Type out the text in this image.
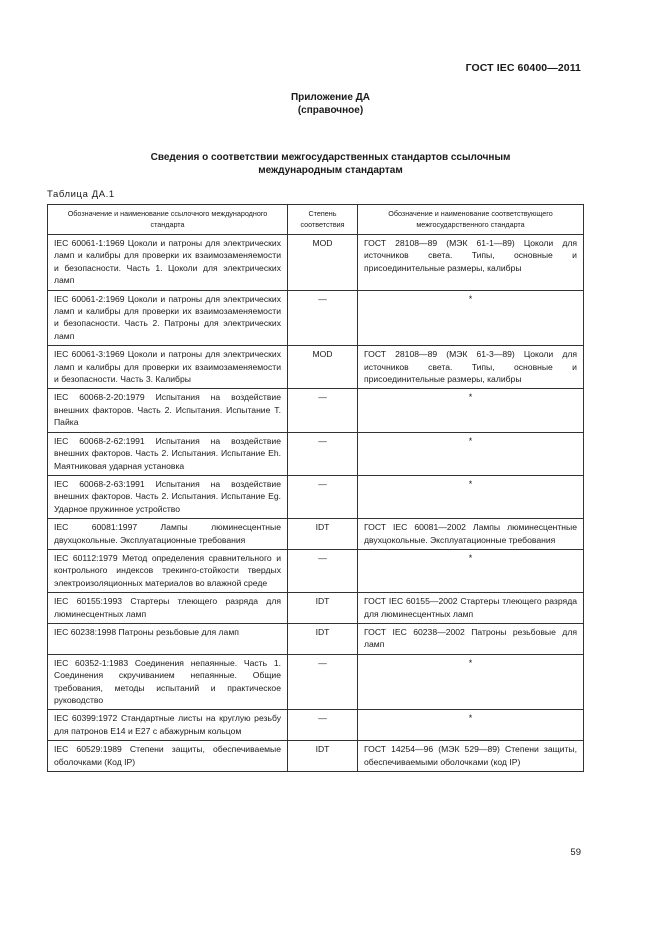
ГОСТ IEC 60400—2011
Приложение ДА
(справочное)
Сведения о соответствии межгосударственных стандартов ссылочным
международным стандартам
Таблица ДА.1
Обозначение и наименование ссылочного международного стандарта	Степень соответствия	Обозначение и наименование соответствующего межгосударственного стандарта
IEC 60061-1:1969 Цоколи и патроны для электрических ламп и калибры для проверки их взаимозаменяемости и безопасности. Часть 1. Цоколи для электрических ламп	MOD	ГОСТ 28108—89 (МЭК 61-1—89) Цоколи для источников света. Типы, основные и присоединительные размеры, калибры
IEC 60061-2:1969 Цоколи и патроны для электрических ламп и калибры для проверки их взаимозаменяемости и безопасности. Часть 2. Патроны для электрических ламп	—	*
IEC 60061-3:1969 Цоколи и патроны для электрических ламп и калибры для проверки их взаимозаменяемости и безопасности. Часть 3. Калибры	MOD	ГОСТ 28108—89 (МЭК 61-3—89) Цоколи для источников света. Типы, основные и присоединительные размеры, калибры
IEC 60068-2-20:1979 Испытания на воздействие внешних факторов. Часть 2. Испытания. Испытание T. Пайка	—	*
IEC 60068-2-62:1991 Испытания на воздействие внешних факторов. Часть 2. Испытания. Испытание Eh. Маятниковая ударная установка	—	*
IEC 60068-2-63:1991 Испытания на воздействие внешних факторов. Часть 2. Испытания. Испытание Eg. Ударное пружинное устройство	—	*
IEC 60081:1997 Лампы люминесцентные двухцокольные. Эксплуатационные требования	IDT	ГОСТ IEC 60081—2002 Лампы люминесцентные двухцокольные. Эксплуатационные требования
IEC 60112:1979 Метод определения сравнительного и контрольного индексов трекинго-стойкости твердых электроизоляционных материалов во влажной среде	—	*
IEC 60155:1993 Стартеры тлеющего разряда для люминесцентных ламп	IDT	ГОСТ IEC 60155—2002 Стартеры тлеющего разряда для люминесцентных ламп
IEC 60238:1998 Патроны резьбовые для ламп	IDT	ГОСТ IEC 60238—2002 Патроны резьбовые для ламп
IEC 60352-1:1983 Соединения непаянные. Часть 1. Соединения скручиванием непаянные. Общие требования, методы испытаний и практическое руководство	—	*
IEC 60399:1972 Стандартные листы на круглую резьбу для патронов E14 и E27 с абажурным кольцом	—	*
IEC 60529:1989 Степени защиты, обеспечиваемые оболочками (Код IP)	IDT	ГОСТ 14254—96 (МЭК 529—89) Степени защиты, обеспечиваемыми оболочками (код IP)
59
